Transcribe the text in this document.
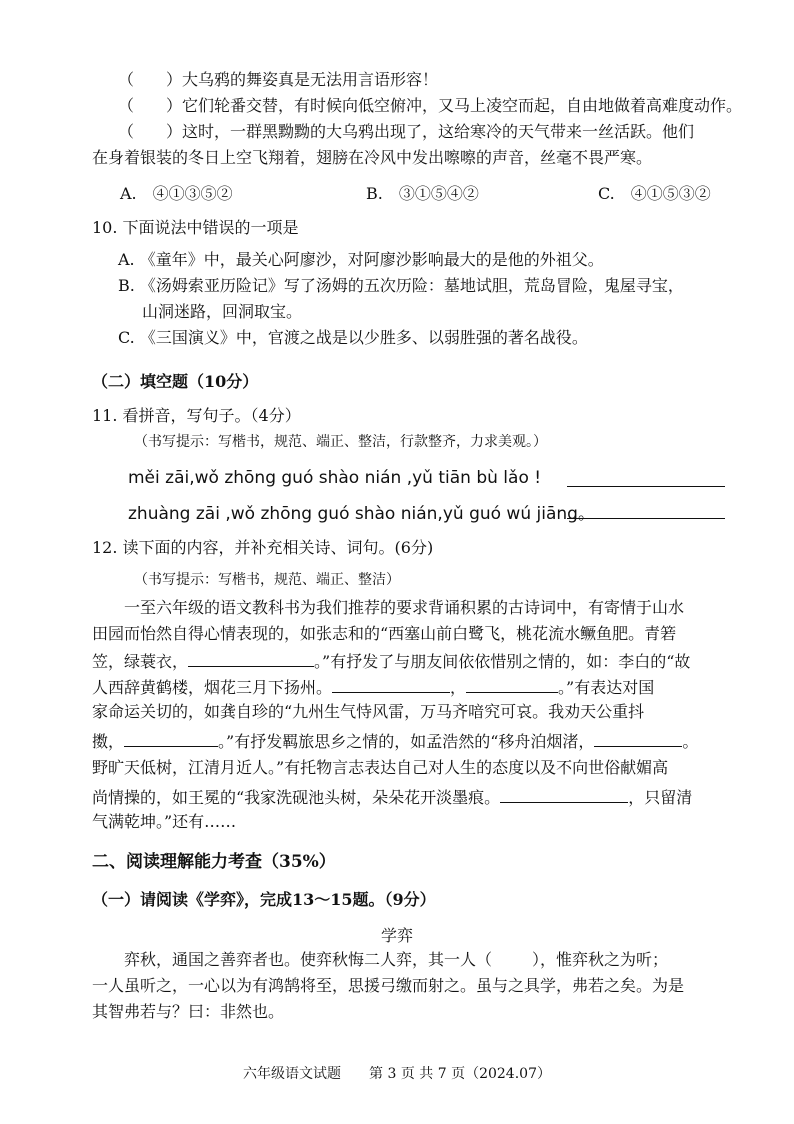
（　　）大乌鸦的舞姿真是无法用言语形容！
（　　）它们轮番交替，有时候向低空俯冲，又马上凌空而起，自由地做着高难度动作。
（　　）这时，一群黑黝黝的大乌鸦出现了，这给寒冷的天气带来一丝活跃。他们
在身着银装的冬日上空飞翔着，翅膀在冷风中发出嚓嚓的声音，丝毫不畏严寒。
A.　④①③⑤②	B.　③①⑤④②	C.　④①⑤③②
10. 下面说法中错误的一项是
A. 《童年》中，最关心阿廖沙，对阿廖沙影响最大的是他的外祖父。
B. 《汤姆索亚历险记》写了汤姆的五次历险：墓地试胆，荒岛冒险，鬼屋寻宝，
山洞迷路，回洞取宝。
C. 《三国演义》中，官渡之战是以少胜多、以弱胜强的著名战役。
（二）填空题（10分）
11. 看拼音，写句子。（4分）
（书写提示：写楷书，规范、端正、整洁，行款整齐，力求美观。）
měi zāi,wǒ zhōng guó shào nián ,yǔ tiān bù lǎo !
zhuàng zāi ,wǒ zhōng guó shào nián,yǔ guó wú jiāng。
12. 读下面的内容，并补充相关诗、词句。(6分)
（书写提示：写楷书，规范、端正、整洁）
一至六年级的语文教科书为我们推荐的要求背诵积累的古诗词中，有寄情于山水
田园而怡然自得心情表现的，如张志和的“西塞山前白鹭飞，桃花流水鳜鱼肥。青箬
笠，绿蓑衣，	。”有抒发了与朋友间依依惜别之情的，如：李白的“故
人西辞黄鹤楼，烟花三月下扬州。	，	。”有表达对国
家命运关切的，如龚自珍的“九州生气恃风雷，万马齐喑究可哀。我劝天公重抖
擞，	。”有抒发羁旅思乡之情的，如孟浩然的“移舟泊烟渚，	。
野旷天低树，江清月近人。”有托物言志表达自己对人生的态度以及不向世俗献媚高
尚情操的，如王冕的“我家洗砚池头树，朵朵花开淡墨痕。	，只留清
气满乾坤。”还有……
二、阅读理解能力考查（35%）
（一）请阅读《学弈》，完成13～15题。（9分）
学弈
弈秋，通国之善弈者也。使弈秋悔二人弈，其一人（	），惟弈秋之为听；
一人虽听之，一心以为有鸿鹄将至，思援弓缴而射之。虽与之具学，弗若之矣。为是
其智弗若与？曰：非然也。
六年级语文试题　　第 3 页 共 7 页（2024.07）
